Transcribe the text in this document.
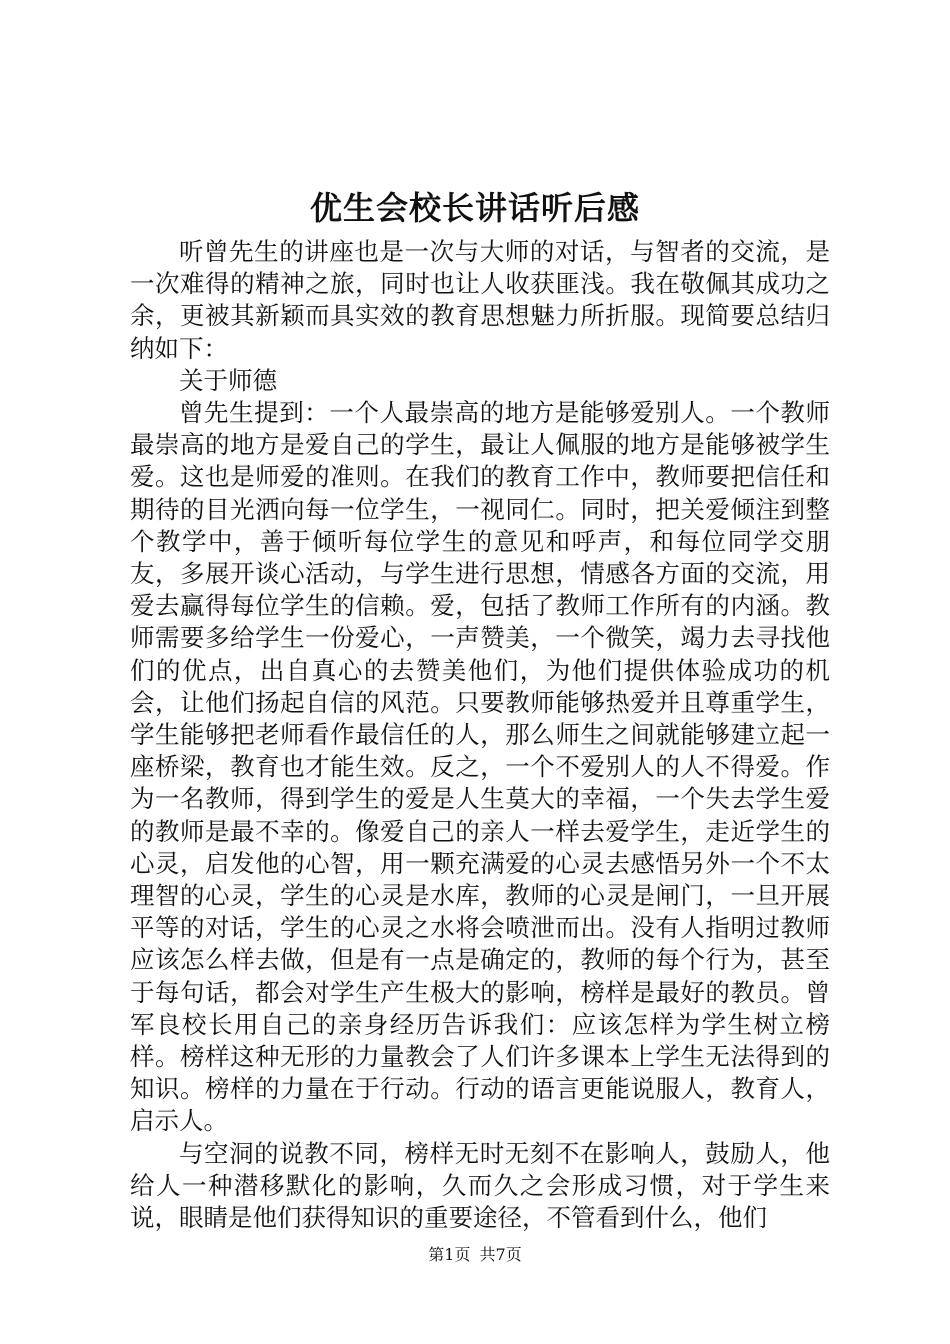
优生会校长讲话听后感

听曾先生的讲座也是一次与大师的对话，与智者的交流，是一次难得的精神之旅，同时也让人收获匪浅。我在敬佩其成功之余，更被其新颖而具实效的教育思想魅力所折服。现简要总结归纳如下：

关于师德

曾先生提到：一个人最崇高的地方是能够爱别人。一个教师最崇高的地方是爱自己的学生，最让人佩服的地方是能够被学生爱。这也是师爱的准则。在我们的教育工作中，教师要把信任和期待的目光洒向每一位学生，一视同仁。同时，把关爱倾注到整个教学中，善于倾听每位学生的意见和呼声，和每位同学交朋友，多展开谈心活动，与学生进行思想，情感各方面的交流，用爱去赢得每位学生的信赖。爱，包括了教师工作所有的内涵。教师需要多给学生一份爱心，一声赞美，一个微笑，竭力去寻找他们的优点，出自真心的去赞美他们，为他们提供体验成功的机会，让他们扬起自信的风范。只要教师能够热爱并且尊重学生，学生能够把老师看作最信任的人，那么师生之间就能够建立起一座桥梁，教育也才能生效。反之，一个不爱别人的人不得爱。作为一名教师，得到学生的爱是人生莫大的幸福，一个失去学生爱的教师是最不幸的。像爱自己的亲人一样去爱学生，走近学生的心灵，启发他的心智，用一颗充满爱的心灵去感悟另外一个不太理智的心灵，学生的心灵是水库，教师的心灵是闸门，一旦开展平等的对话，学生的心灵之水将会喷泄而出。没有人指明过教师应该怎么样去做，但是有一点是确定的，教师的每个行为，甚至于每句话，都会对学生产生极大的影响，榜样是最好的教员。曾军良校长用自己的亲身经历告诉我们：应该怎样为学生树立榜样。榜样这种无形的力量教会了人们许多课本上学生无法得到的知识。榜样的力量在于行动。行动的语言更能说服人，教育人，启示人。

与空洞的说教不同，榜样无时无刻不在影响人，鼓励人，他给人一种潜移默化的影响，久而久之会形成习惯，对于学生来说，眼睛是他们获得知识的重要途径，不管看到什么，他们

第1页 共7页
